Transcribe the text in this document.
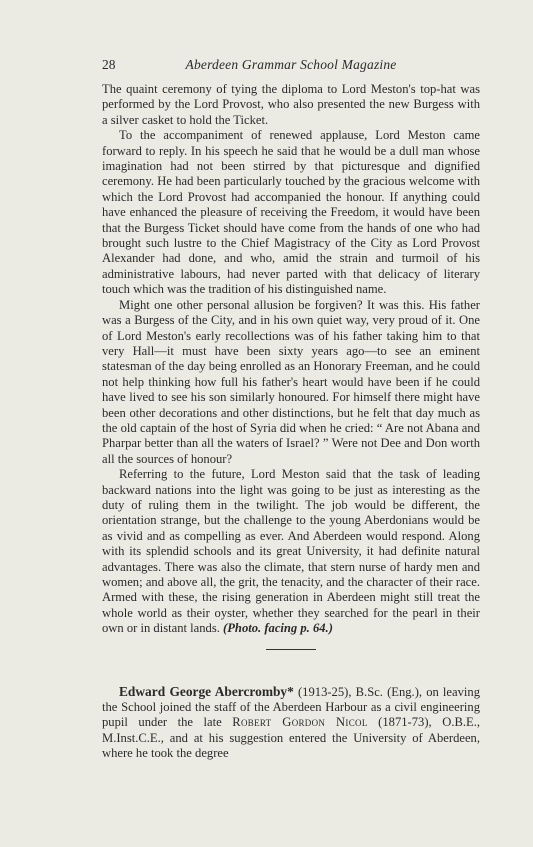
28	Aberdeen Grammar School Magazine

The quaint ceremony of tying the diploma to Lord Meston's top-hat was performed by the Lord Provost, who also presented the new Burgess with a silver casket to hold the Ticket.

To the accompaniment of renewed applause, Lord Meston came forward to reply. In his speech he said that he would be a dull man whose imagination had not been stirred by that picturesque and dignified ceremony. He had been particularly touched by the gracious welcome with which the Lord Provost had accompanied the honour. If anything could have enhanced the pleasure of receiving the Freedom, it would have been that the Burgess Ticket should have come from the hands of one who had brought such lustre to the Chief Magistracy of the City as Lord Provost Alexander had done, and who, amid the strain and turmoil of his administrative labours, had never parted with that delicacy of literary touch which was the tradition of his distinguished name.

Might one other personal allusion be forgiven? It was this. His father was a Burgess of the City, and in his own quiet way, very proud of it. One of Lord Meston's early recollections was of his father taking him to that very Hall—it must have been sixty years ago—to see an eminent statesman of the day being enrolled as an Honorary Freeman, and he could not help thinking how full his father's heart would have been if he could have lived to see his son similarly honoured. For himself there might have been other decorations and other distinctions, but he felt that day much as the old captain of the host of Syria did when he cried: “ Are not Abana and Pharpar better than all the waters of Israel? ” Were not Dee and Don worth all the sources of honour?

Referring to the future, Lord Meston said that the task of leading backward nations into the light was going to be just as interesting as the duty of ruling them in the twilight. The job would be different, the orientation strange, but the challenge to the young Aberdonians would be as vivid and as compelling as ever. And Aberdeen would respond. Along with its splendid schools and its great University, it had definite natural advantages. There was also the climate, that stern nurse of hardy men and women; and above all, the grit, the tenacity, and the character of their race. Armed with these, the rising generation in Aberdeen might still treat the whole world as their oyster, whether they searched for the pearl in their own or in distant lands. (Photo. facing p. 64.)

Edward George Abercromby* (1913-25), B.Sc. (Eng.), on leaving the School joined the staff of the Aberdeen Harbour as a civil engineering pupil under the late Robert Gordon Nicol (1871-73), O.B.E., M.Inst.C.E., and at his suggestion entered the University of Aberdeen, where he took the degree
